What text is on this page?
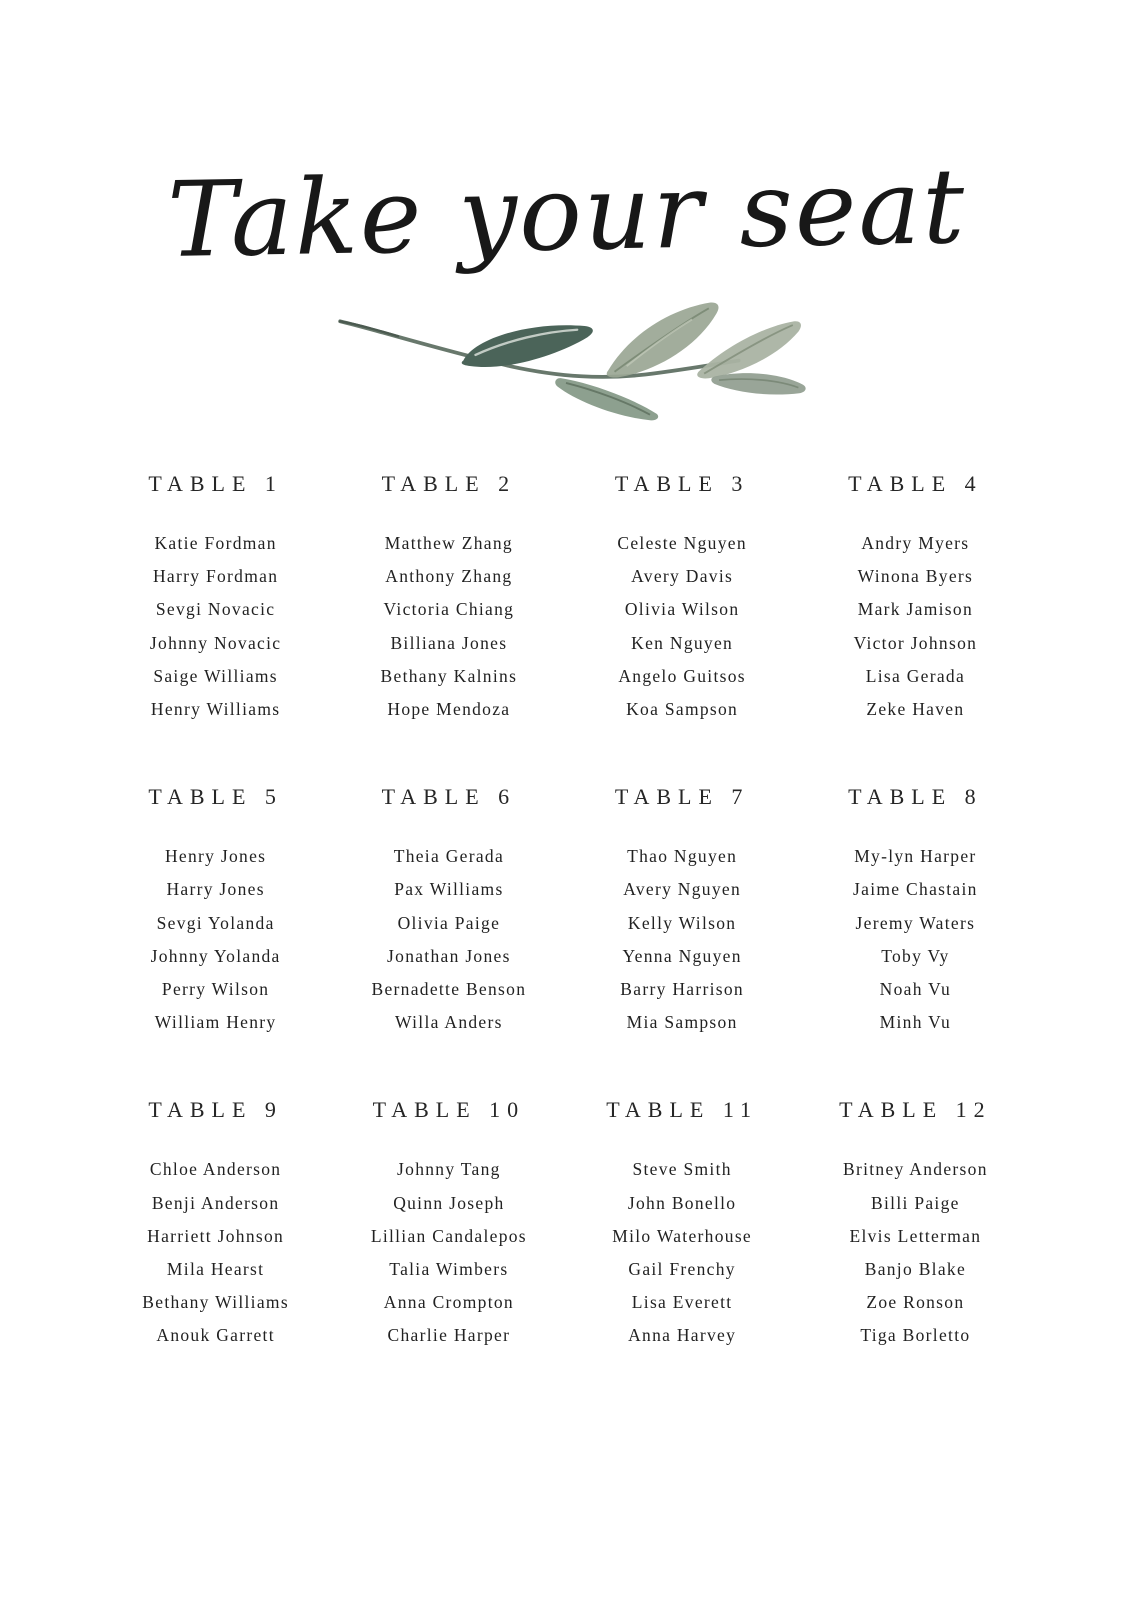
Take your seat
TABLE 1
Katie Fordman
Harry Fordman
Sevgi Novacic
Johnny Novacic
Saige Williams
Henry Williams
TABLE 2
Matthew Zhang
Anthony Zhang
Victoria Chiang
Billiana Jones
Bethany Kalnins
Hope Mendoza
TABLE 3
Celeste Nguyen
Avery Davis
Olivia Wilson
Ken Nguyen
Angelo Guitsos
Koa Sampson
TABLE 4
Andry Myers
Winona Byers
Mark Jamison
Victor Johnson
Lisa Gerada
Zeke Haven
TABLE 5
Henry Jones
Harry Jones
Sevgi Yolanda
Johnny Yolanda
Perry Wilson
William Henry
TABLE 6
Theia Gerada
Pax Williams
Olivia Paige
Jonathan Jones
Bernadette Benson
Willa Anders
TABLE 7
Thao Nguyen
Avery Nguyen
Kelly Wilson
Yenna Nguyen
Barry Harrison
Mia Sampson
TABLE 8
My-lyn Harper
Jaime Chastain
Jeremy Waters
Toby Vy
Noah Vu
Minh Vu
TABLE 9
Chloe Anderson
Benji Anderson
Harriett Johnson
Mila Hearst
Bethany Williams
Anouk Garrett
TABLE 10
Johnny Tang
Quinn Joseph
Lillian Candalepos
Talia Wimbers
Anna Crompton
Charlie Harper
TABLE 11
Steve Smith
John Bonello
Milo Waterhouse
Gail Frenchy
Lisa Everett
Anna Harvey
TABLE 12
Britney Anderson
Billi Paige
Elvis Letterman
Banjo Blake
Zoe Ronson
Tiga Borletto
